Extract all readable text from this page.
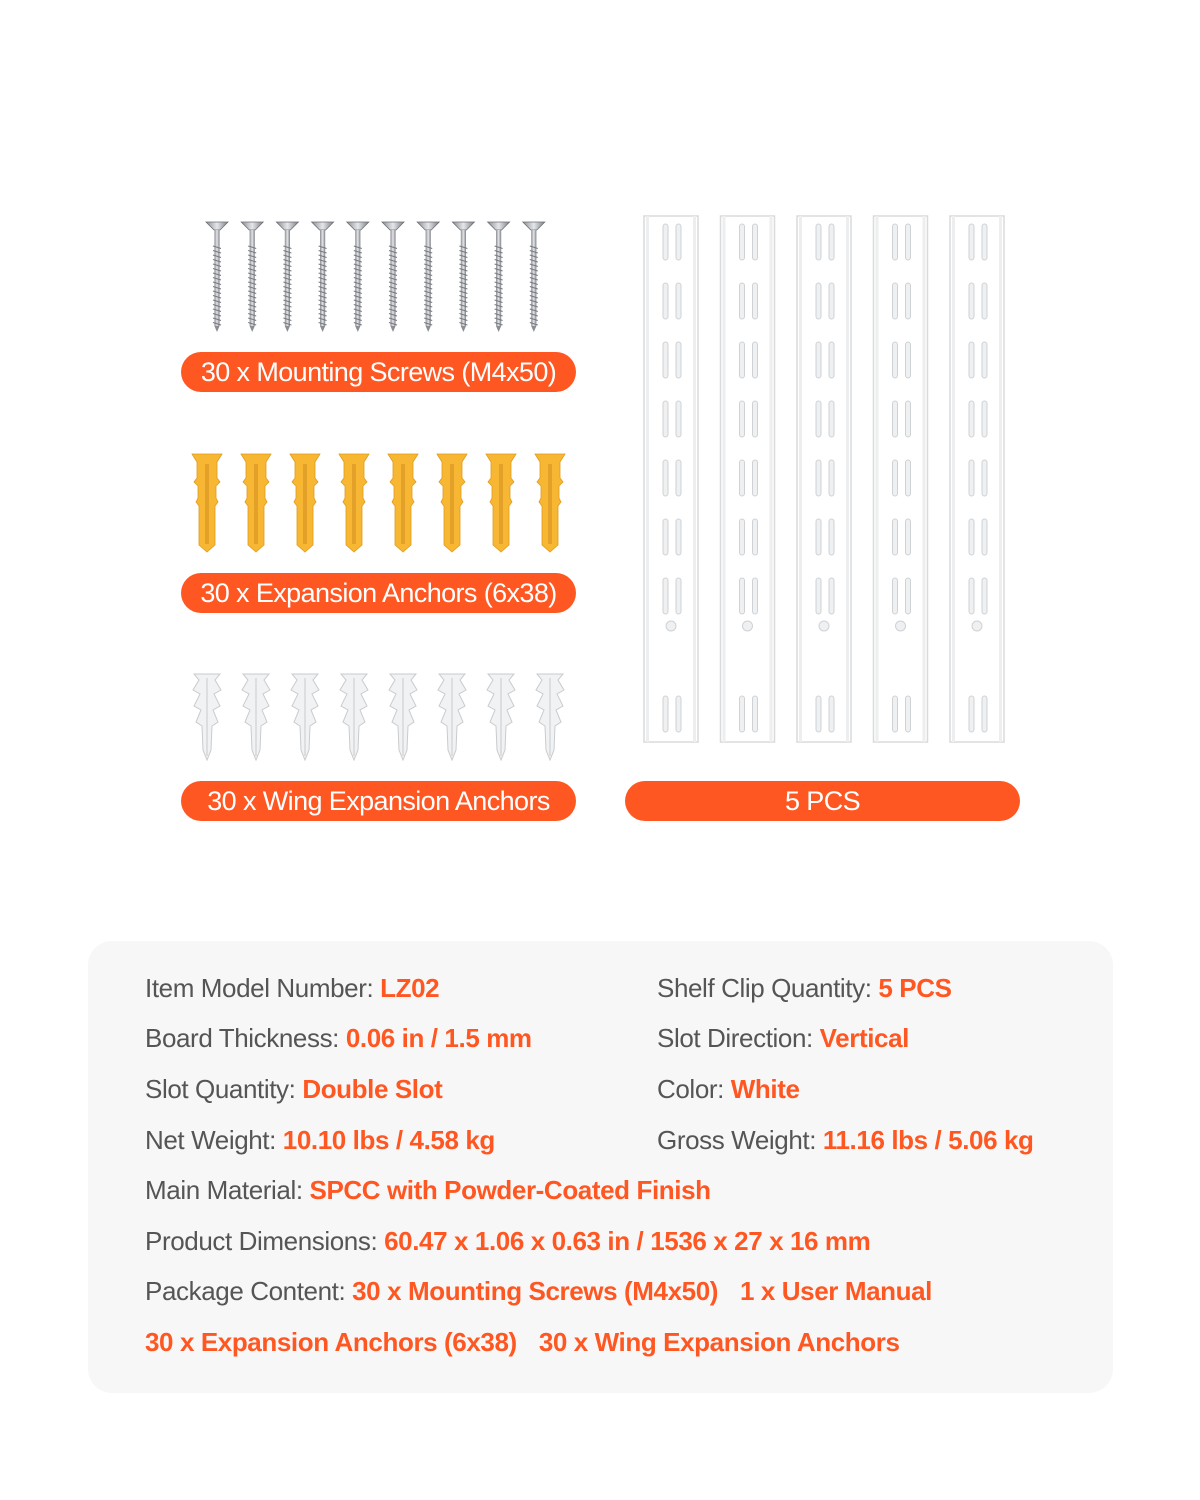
30 x Mounting Screws (M4x50)
30 x Expansion Anchors (6x38)
30 x Wing Expansion Anchors	5 PCS
Item Model Number: LZ02	Shelf Clip Quantity: 5 PCS
Board Thickness: 0.06 in / 1.5 mm	Slot Direction: Vertical
Slot Quantity: Double Slot	Color: White
Net Weight: 10.10 lbs / 4.58 kg	Gross Weight: 11.16 lbs / 5.06 kg
Main Material: SPCC with Powder-Coated Finish
Product Dimensions: 60.47 x 1.06 x 0.63 in / 1536 x 27 x 16 mm
Package Content: 30 x Mounting Screws (M4x50) 1 x User Manual
30 x Expansion Anchors (6x38) 30 x Wing Expansion Anchors
